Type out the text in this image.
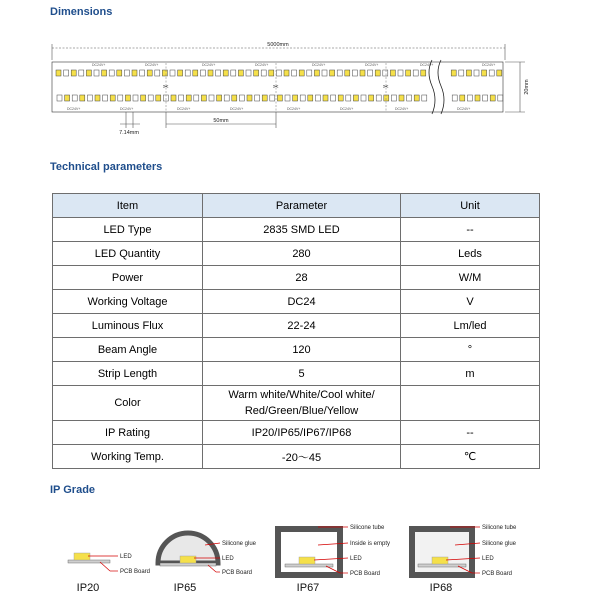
Dimensions
5000mm
✂	✂	✂
DC24V+
DC24V+
DC24V+
DC24V+
DC24V+
DC24V+
DC24V+
DC24V+
DC24V+
DC24V+
DC24V+
DC24V+
DC24V+
DC24V+
DC24V+
DC24V+
20mm
7.14mm
50mm
Technical parameters
Item	Parameter	Unit
LED Type	2835 SMD LED	--
LED Quantity	280	Leds
Power	28	W/M
Working Voltage	DC24	V
Luminous Flux	22-24	Lm/led
Beam Angle	120	°
Strip Length	5	m
Color	Warm white/White/Cool white/
Red/Green/Blue/Yellow	
IP Rating	IP20/IP65/IP67/IP68	--
Working Temp.	-20～45	℃
IP Grade
LED
PCB Board
IP20
Silicone glue
LED
PCB Board
IP65
Silicone tube
Inside is empty
LED
PCB Board
IP67
Silicone tube
Silicone glue
LED
PCB Board
IP68
